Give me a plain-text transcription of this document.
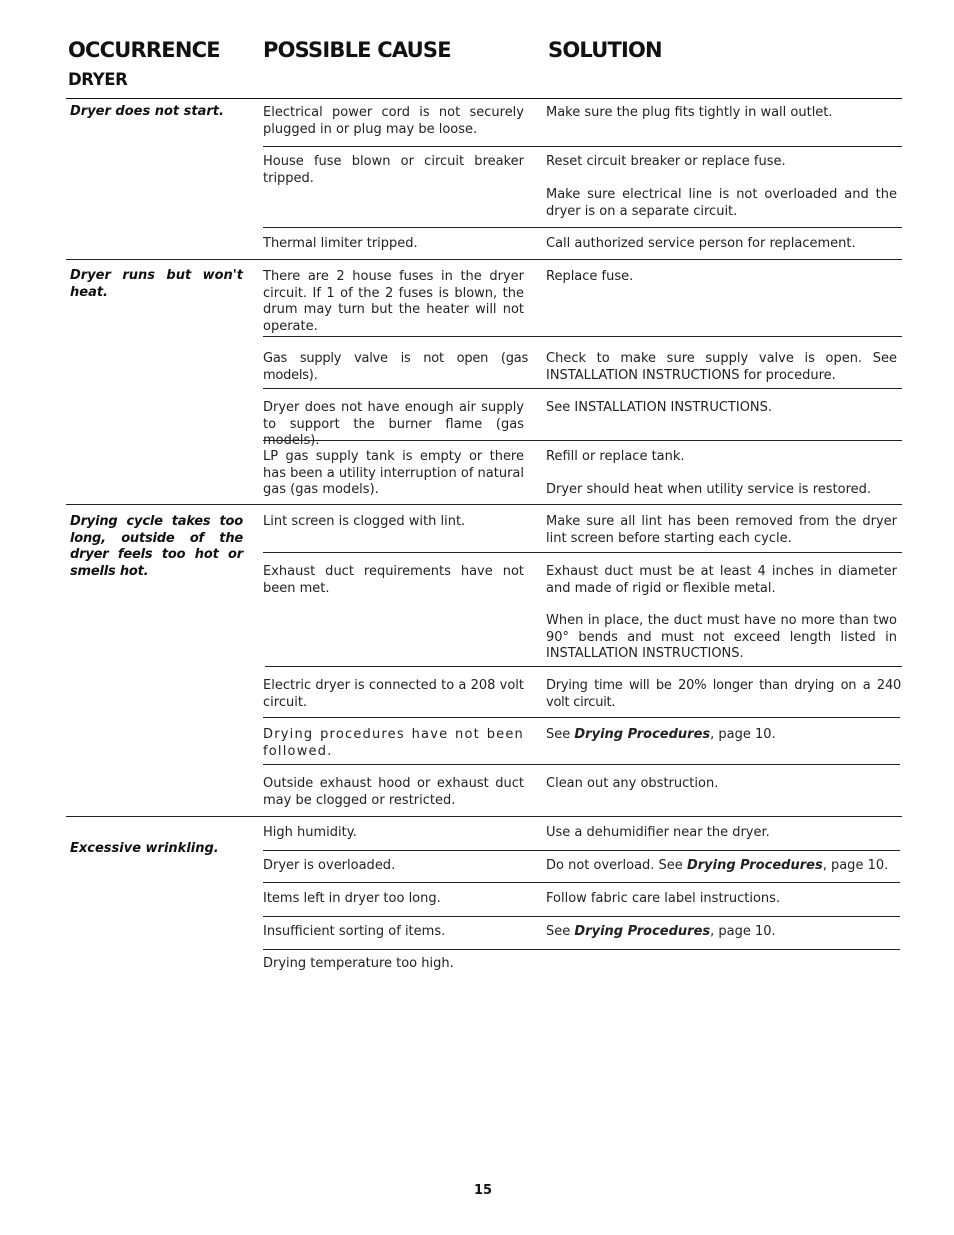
OCCURRENCE POSSIBLE CAUSE	SOLUTION
DRYER
Dryer does not start.
Dryer runs but won't heat.
Drying cycle takes too long, outside of the dryer feels too hot or smells hot.
Excessive wrinkling.
Electrical power cord is not securely plugged in or plug may be loose.
House fuse blown or circuit breaker tripped.
Thermal limiter tripped.
There are 2 house fuses in the dryer circuit. If 1 of the 2 fuses is blown, the drum may turn but the heater will not operate.
Gas supply valve is not open (gas models).
Dryer does not have enough air supply to support the burner flame (gas models).
LP gas supply tank is empty or there has been a utility interruption of natural gas (gas models).
Lint screen is clogged with lint.
Exhaust duct requirements have not been met.
Electric dryer is connected to a 208 volt circuit.
Drying procedures have not been followed.
Outside exhaust hood or exhaust duct may be clogged or restricted.
High humidity.
Dryer is overloaded.
Items left in dryer too long.
Insufficient sorting of items.
Drying temperature too high.
Make sure the plug fits tightly in wall outlet.
Reset circuit breaker or replace fuse.
Make sure electrical line is not overloaded and the dryer is on a separate circuit.
Call authorized service person for replacement.
Replace fuse.
Check to make sure supply valve is open. See INSTALLATION INSTRUCTIONS for procedure.
See INSTALLATION INSTRUCTIONS.
Refill or replace tank.
Dryer should heat when utility service is restored.
Make sure all lint has been removed from the dryer lint screen before starting each cycle.
Exhaust duct must be at least 4 inches in diameter and made of rigid or flexible metal.
When in place, the duct must have no more than two 90° bends and must not exceed length listed in INSTALLATION INSTRUCTIONS.
Drying time will be 20% longer than drying on a 240 volt circuit.
See Drying Procedures, page 10.
Clean out any obstruction.
Use a dehumidifier near the dryer.
Do not overload. See Drying Procedures, page 10.
Follow fabric care label instructions.
See Drying Procedures, page 10.
15
